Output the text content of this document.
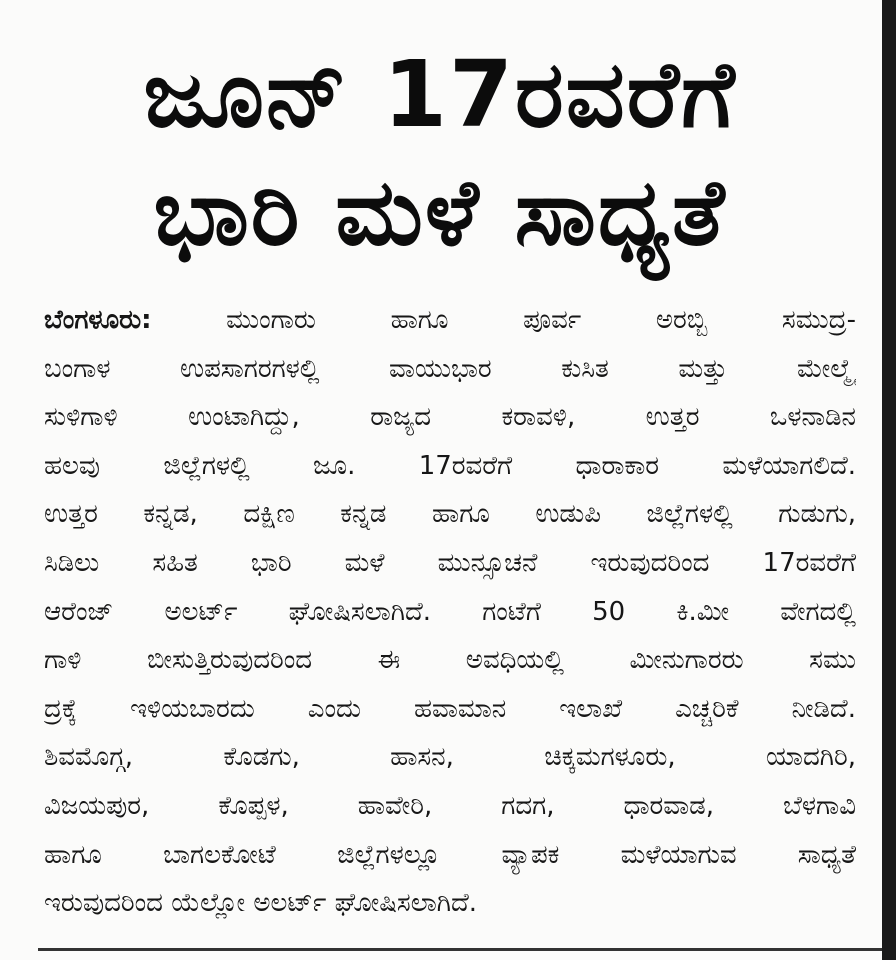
ಜೂನ್ 17ರವರೆಗೆ
ಭಾರಿ ಮಳೆ ಸಾಧ್ಯತೆ
ಬೆಂಗಳೂರು:	ಮುಂಗಾರು ಹಾಗೂ ಪೂರ್ವ ಅರಬ್ಬಿ ಸಮುದ್ರ-
ಬಂಗಾಳ ಉಪಸಾಗರಗಳಲ್ಲಿ ವಾಯುಭಾರ ಕುಸಿತ ಮತ್ತು ಮೇಲ್ಮೈ
ಸುಳಿಗಾಳಿ ಉಂಟಾಗಿದ್ದು, ರಾಜ್ಯದ ಕರಾವಳಿ, ಉತ್ತರ ಒಳನಾಡಿನ
ಹಲವು ಜಿಲ್ಲೆಗಳಲ್ಲಿ ಜೂ. 17ರವರೆಗೆ ಧಾರಾಕಾರ ಮಳೆಯಾಗಲಿದೆ.
ಉತ್ತರ ಕನ್ನಡ, ದಕ್ಷಿಣ ಕನ್ನಡ ಹಾಗೂ ಉಡುಪಿ ಜಿಲ್ಲೆಗಳಲ್ಲಿ ಗುಡುಗು,
ಸಿಡಿಲು ಸಹಿತ ಭಾರಿ ಮಳೆ ಮುನ್ಸೂಚನೆ ಇರುವುದರಿಂದ 17ರವರೆಗೆ
ಆರೆಂಜ್ ಅಲರ್ಟ್ ಘೋಷಿಸಲಾಗಿದೆ. ಗಂಟೆಗೆ 50 ಕಿ.ಮೀ ವೇಗದಲ್ಲಿ
ಗಾಳಿ ಬೀಸುತ್ತಿರುವುದರಿಂದ ಈ ಅವಧಿಯಲ್ಲಿ ಮೀನುಗಾರರು ಸಮು
ದ್ರಕ್ಕೆ ಇಳಿಯಬಾರದು ಎಂದು ಹವಾಮಾನ ಇಲಾಖೆ ಎಚ್ಚರಿಕೆ ನೀಡಿದೆ.
ಶಿವಮೊಗ್ಗ, ಕೊಡಗು, ಹಾಸನ, ಚಿಕ್ಕಮಗಳೂರು, ಯಾದಗಿರಿ,
ವಿಜಯಪುರ, ಕೊಪ್ಪಳ, ಹಾವೇರಿ, ಗದಗ, ಧಾರವಾಡ, ಬೆಳಗಾವಿ
ಹಾಗೂ ಬಾಗಲಕೋಟೆ ಜಿಲ್ಲೆಗಳಲ್ಲೂ ವ್ಯಾಪಕ ಮಳೆಯಾಗುವ ಸಾಧ್ಯತೆ
ಇರುವುದರಿಂದ ಯೆಲ್ಲೋ ಅಲರ್ಟ್ ಘೋಷಿಸಲಾಗಿದೆ.
